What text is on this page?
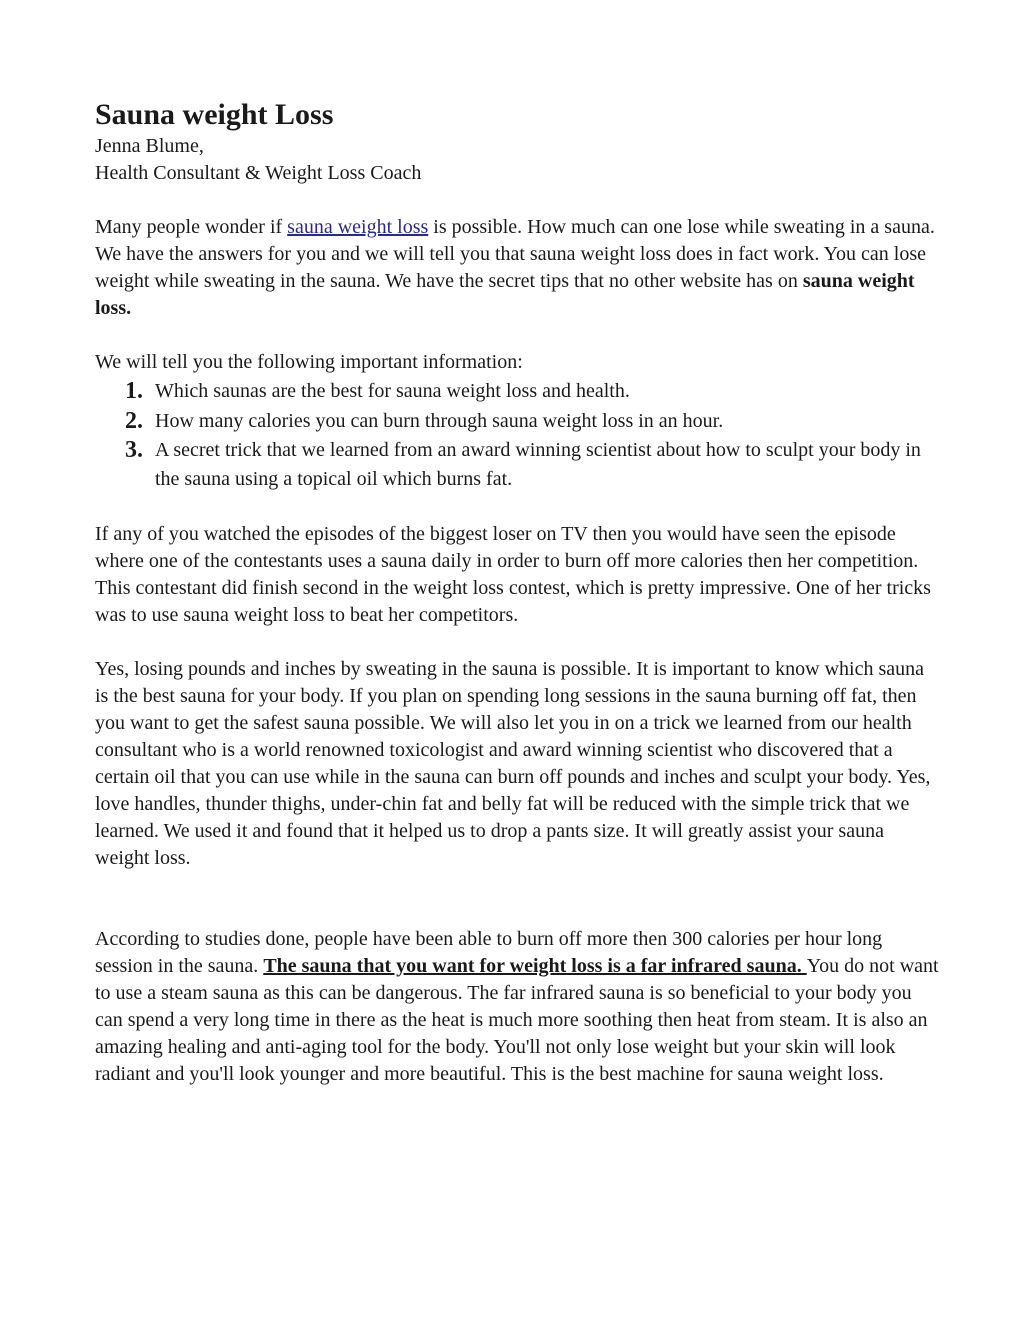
Sauna weight Loss

Jenna Blume,

Health Consultant & Weight Loss Coach

Many people wonder if sauna weight loss is possible. How much can one lose while sweating in a sauna. We have the answers for you and we will tell you that sauna weight loss does in fact work. You can lose weight while sweating in the sauna. We have the secret tips that no other website has on sauna weight loss.

We will tell you the following important information:

1. Which saunas are the best for sauna weight loss and health.
2. How many calories you can burn through sauna weight loss in an hour.
3. A secret trick that we learned from an award winning scientist about how to sculpt your body in the sauna using a topical oil which burns fat.

If any of you watched the episodes of the biggest loser on TV then you would have seen the episode where one of the contestants uses a sauna daily in order to burn off more calories then her competition. This contestant did finish second in the weight loss contest, which is pretty impressive. One of her tricks was to use sauna weight loss to beat her competitors.

Yes, losing pounds and inches by sweating in the sauna is possible. It is important to know which sauna is the best sauna for your body. If you plan on spending long sessions in the sauna burning off fat, then you want to get the safest sauna possible. We will also let you in on a trick we learned from our health consultant who is a world renowned toxicologist and award winning scientist who discovered that a certain oil that you can use while in the sauna can burn off pounds and inches and sculpt your body. Yes, love handles, thunder thighs, under-chin fat and belly fat will be reduced with the simple trick that we learned. We used it and found that it helped us to drop a pants size. It will greatly assist your sauna weight loss.

According to studies done, people have been able to burn off more then 300 calories per hour long session in the sauna. The sauna that you want for weight loss is a far infrared sauna. You do not want to use a steam sauna as this can be dangerous. The far infrared sauna is so beneficial to your body you can spend a very long time in there as the heat is much more soothing then heat from steam. It is also an amazing healing and anti-aging tool for the body. You'll not only lose weight but your skin will look radiant and you'll look younger and more beautiful. This is the best machine for sauna weight loss.
